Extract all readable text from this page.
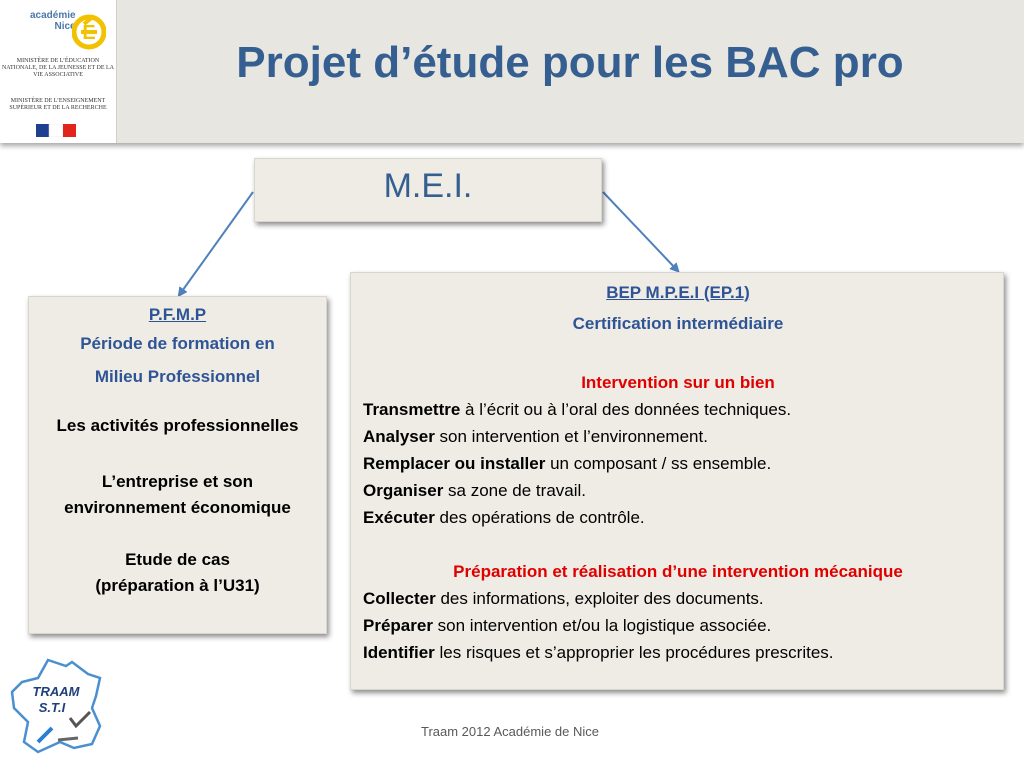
académie
Nice E
MINISTÈRE DE L’ÉDUCATION NATIONALE, DE LA JEUNESSE ET DE LA VIE ASSOCIATIVE
MINISTÈRE DE L’ENSEIGNEMENT SUPÉRIEUR ET DE LA RECHERCHE
Projet d’étude pour les BAC pro
M.E.I.
P.F.M.P
Période de formation en
Milieu Professionnel
Les activités professionnelles
L’entreprise et son
environnement économique
Etude de cas
(préparation à l’U31)
BEP M.P.E.I (EP.1)
Certification intermédiaire
Intervention sur un bien
Transmettre à l’écrit ou à l’oral des données techniques.
Analyser son intervention et l’environnement.
Remplacer ou installer un composant / ss ensemble.
Organiser sa zone de travail.
Exécuter des opérations de contrôle.
Préparation et réalisation d’une intervention mécanique
Collecter des informations, exploiter des documents.
Préparer son intervention et/ou la logistique associée.
Identifier les risques et s’approprier les procédures prescrites.
TRAAM
S.T.I
Traam 2012 Académie de Nice
